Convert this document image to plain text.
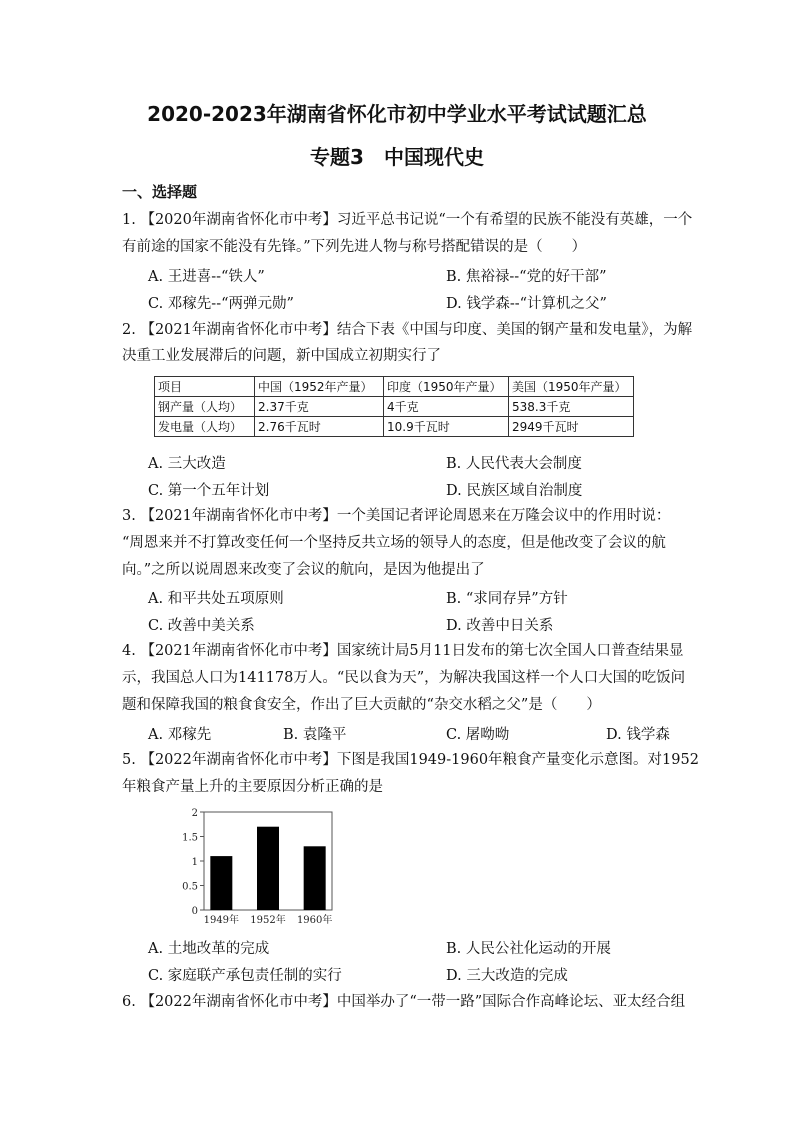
2020-2023年湖南省怀化市初中学业水平考试试题汇总
专题3　中国现代史
一、选择题
1. 【2020年湖南省怀化市中考】习近平总书记说“一个有希望的民族不能没有英雄，一个
有前途的国家不能没有先锋。”下列先进人物与称号搭配错误的是（　　）
A. 王进喜--“铁人”	B. 焦裕禄--“党的好干部”
C. 邓稼先--“两弹元勋”	D. 钱学森--“计算机之父”
2. 【2021年湖南省怀化市中考】结合下表《中国与印度、美国的钢产量和发电量》，为解
决重工业发展滞后的问题，新中国成立初期实行了
项目	中国（1952年产量）	印度（1950年产量）	美国（1950年产量）
钢产量（人均）	2.37千克	4千克	538.3千克
发电量（人均）	2.76千瓦时	10.9千瓦时	2949千瓦时
A. 三大改造	B. 人民代表大会制度
C. 第一个五年计划	D. 民族区域自治制度
3. 【2021年湖南省怀化市中考】一个美国记者评论周恩来在万隆会议中的作用时说：
“周恩来并不打算改变任何一个坚持反共立场的领导人的态度，但是他改变了会议的航
向。”之所以说周恩来改变了会议的航向，是因为他提出了
A. 和平共处五项原则	B. “求同存异”方针
C. 改善中美关系	D. 改善中日关系
4. 【2021年湖南省怀化市中考】国家统计局5月11日发布的第七次全国人口普查结果显
示，我国总人口为141178万人。“民以食为天”，为解决我国这样一个人口大国的吃饭问
题和保障我国的粮食食安全，作出了巨大贡献的“杂交水稻之父”是（　　）
A. 邓稼先	B. 袁隆平	C. 屠呦呦	D. 钱学森
5. 【2022年湖南省怀化市中考】下图是我国1949-1960年粮食产量变化示意图。对1952
年粮食产量上升的主要原因分析正确的是
0
0.5
1
1.5
2
1949年 1952年 1960年
A. 土地改革的完成	B. 人民公社化运动的开展
C. 家庭联产承包责任制的实行	D. 三大改造的完成
6. 【2022年湖南省怀化市中考】中国举办了“一带一路”国际合作高峰论坛、亚太经合组
